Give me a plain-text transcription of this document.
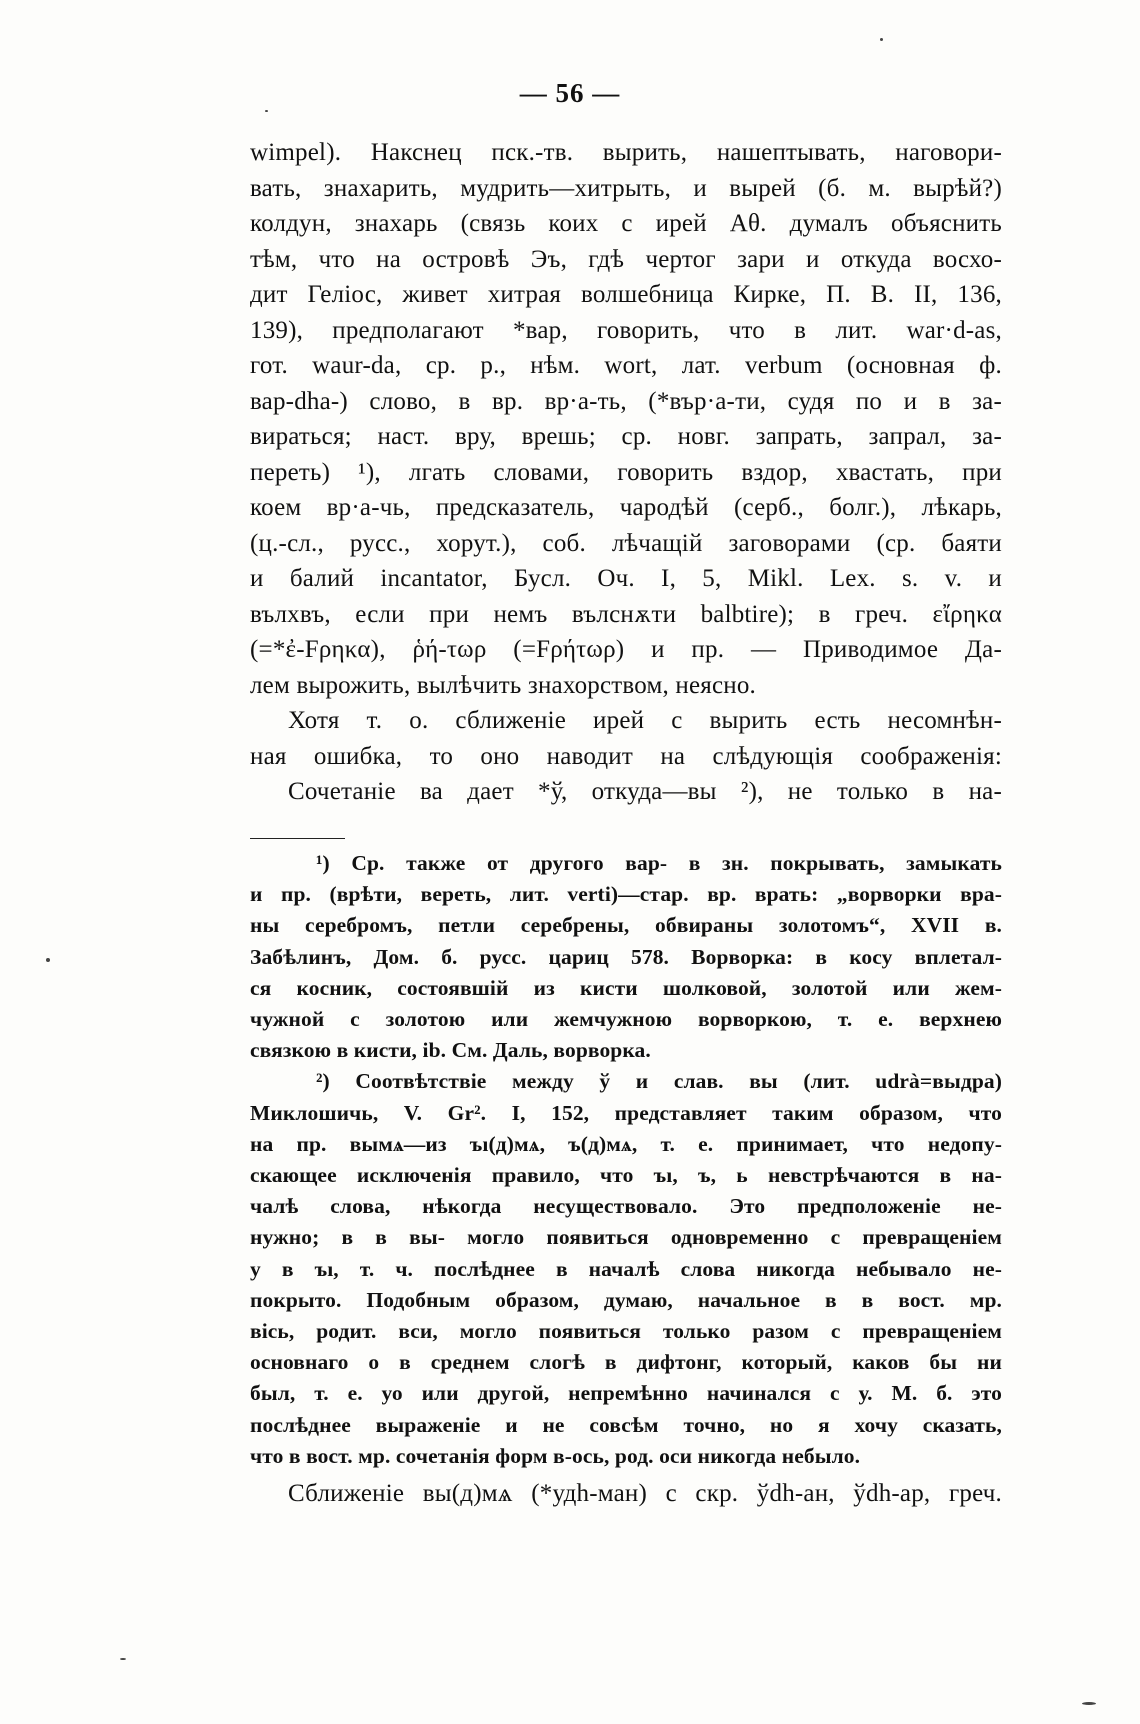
— 56 —
wimpel). Накснец пск.-тв. вырить, нашептывать, наговори-
вать, знахарить, мудрить—хитрыть, и вырей (б. м. вырѣй?)
колдун, знахарь (связь коих с ирей Αθ. думалъ объяснить
тѣм, что на островѣ Эъ, гдѣ чертог зари и откуда восхо-
дит Геліос, живет хитрая волшебница Кирке, П. В. II, 136,
139), предполагают *вар, говорить, что в лит. war·d-as,
гот. waur-da, ср. р., нѣм. wort, лат. verbum (основная ф.
вар-dha-) слово, в вр. вр·а-ть, (*вър·а-ти, судя по и в за-
вираться; наст. вру, врешь; ср. новг. запрать, запрал, за-
переть) ¹), лгать словами, говорить вздор, хвастать, при
коем вр·а-чь, предсказатель, чародѣй (серб., болг.), лѣкарь,
(ц.-сл., русс., хорут.), соб. лѣчащій заговорами (ср. баяти
и балий incantator, Бусл. Оч. I, 5, Mikl. Lex. s. v. и
вълхвъ, если при немъ вълснѫти balbtire); в греч. εἴρηκα
(=*ἐ-Fρηκα), ῥή-τωρ (=Fρήτωρ) и пр. — Приводимое Да-
лем вырожить, вылѣчить знахорством, неясно.
Хотя т. о. сближеніе ирей с вырить есть несомнѣн-
ная ошибка, то оно наводит на слѣдующія соображенія:
Сочетаніе ва дает *ў, откуда—вы ²), не только в на-
¹) Ср. также от другого вар- в зн. покрывать, замыкать
и пр. (врѣти, вереть, лит. verti)—стар. вр. врать: „ворворки вра-
ны серебромъ, петли серебрены, обвираны золотомъ“, XVII в.
Забѣлинъ, Дом. б. русс. цариц 578. Ворворка: в косу вплетал-
ся косник, состоявшій из кисти шолковой, золотой или жем-
чужной с золотою или жемчужною ворворкою, т. е. верхнею
связкою в кисти, ib. См. Даль, ворворка.
²) Соотвѣтствіе между ў и слав. вы (лит. udrà=выдра)
Миклошичь, V. Gr². I, 152, представляет таким образом, что
на пр. вымѧ—из ъı(д)мѧ, ъ(д)мѧ, т. е. принимает, что недопу-
скающее исключенія правило, что ъı, ъ, ь невстрѣчаются в на-
чалѣ слова, нѣкогда несуществовало. Это предположеніе не-
нужно; в в вы- могло появиться одновременно с превращеніем
у в ъı, т. ч. послѣднее в началѣ слова никогда небывало не-
покрыто. Подобным образом, думаю, начальное в в вост. мр.
вісь, родит. вси, могло появиться только разом с превращеніем
основнаго о в среднем слогѣ в дифтонг, который, каков бы ни
был, т. е. уо или другой, непремѣнно начинался с у. М. б. это
послѣднее выраженіе и не совсѣм точно, но я хочу сказать,
что в вост. мр. сочетанія форм в-ось, род. оси никогда небыло.
Сближеніе вы(д)мѧ (*удh-ман) с скр. ўdh-ан, ўdh-ар, греч.
